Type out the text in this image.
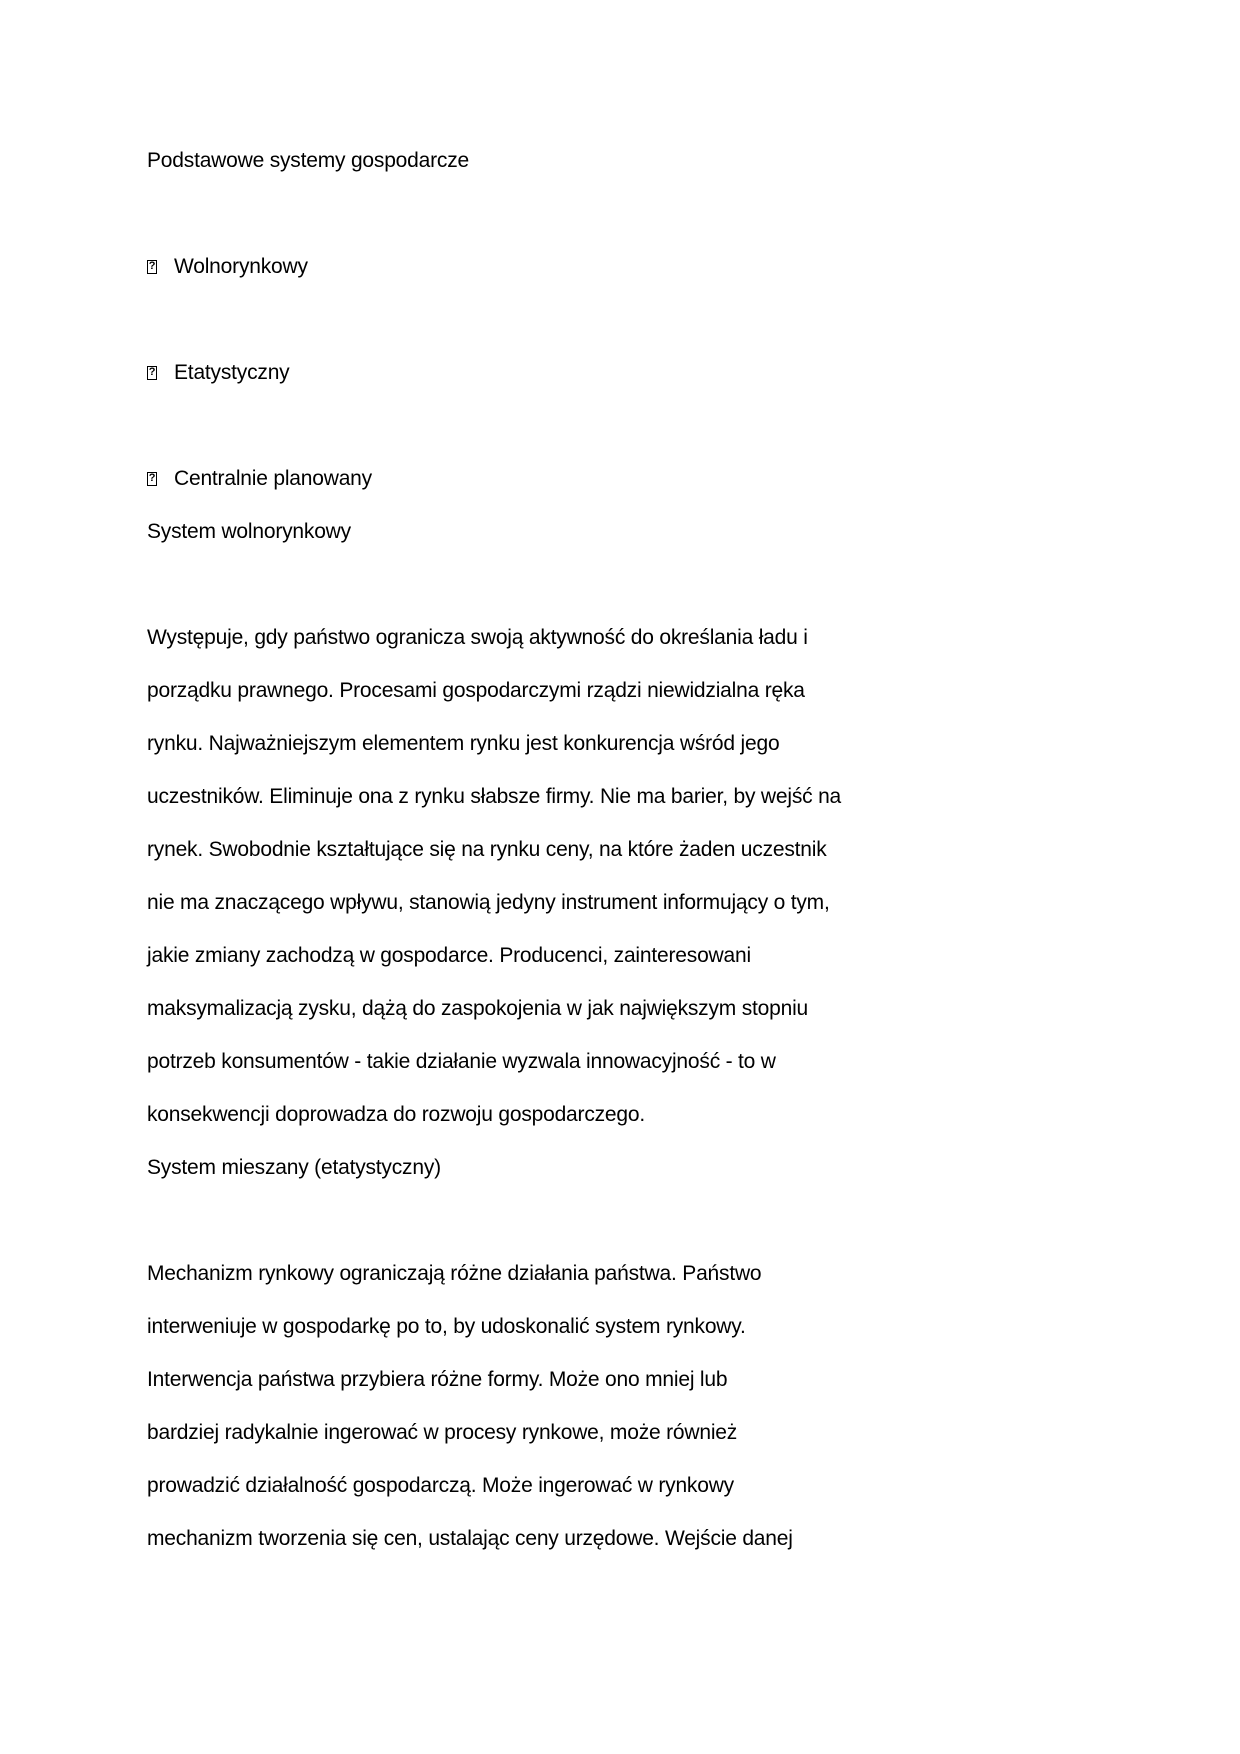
Podstawowe systemy gospodarcze
?Wolnorynkowy
?Etatystyczny
?Centralnie planowany
System wolnorynkowy
Występuje, gdy państwo ogranicza swoją aktywność do określania ładu i
porządku prawnego. Procesami gospodarczymi rządzi niewidzialna ręka
rynku. Najważniejszym elementem rynku jest konkurencja wśród jego
uczestników. Eliminuje ona z rynku słabsze firmy. Nie ma barier, by wejść na
rynek. Swobodnie kształtujące się na rynku ceny, na które żaden uczestnik
nie ma znaczącego wpływu, stanowią jedyny instrument informujący o tym,
jakie zmiany zachodzą w gospodarce. Producenci, zainteresowani
maksymalizacją zysku, dążą do zaspokojenia w jak największym stopniu
potrzeb konsumentów - takie działanie wyzwala innowacyjność - to w
konsekwencji doprowadza do rozwoju gospodarczego.
System mieszany (etatystyczny)
Mechanizm rynkowy ograniczają różne działania państwa. Państwo
interweniuje w gospodarkę po to, by udoskonalić system rynkowy.
Interwencja państwa przybiera różne formy. Może ono mniej lub
bardziej radykalnie ingerować w procesy rynkowe, może również
prowadzić działalność gospodarczą. Może ingerować w rynkowy
mechanizm tworzenia się cen, ustalając ceny urzędowe. Wejście danej
